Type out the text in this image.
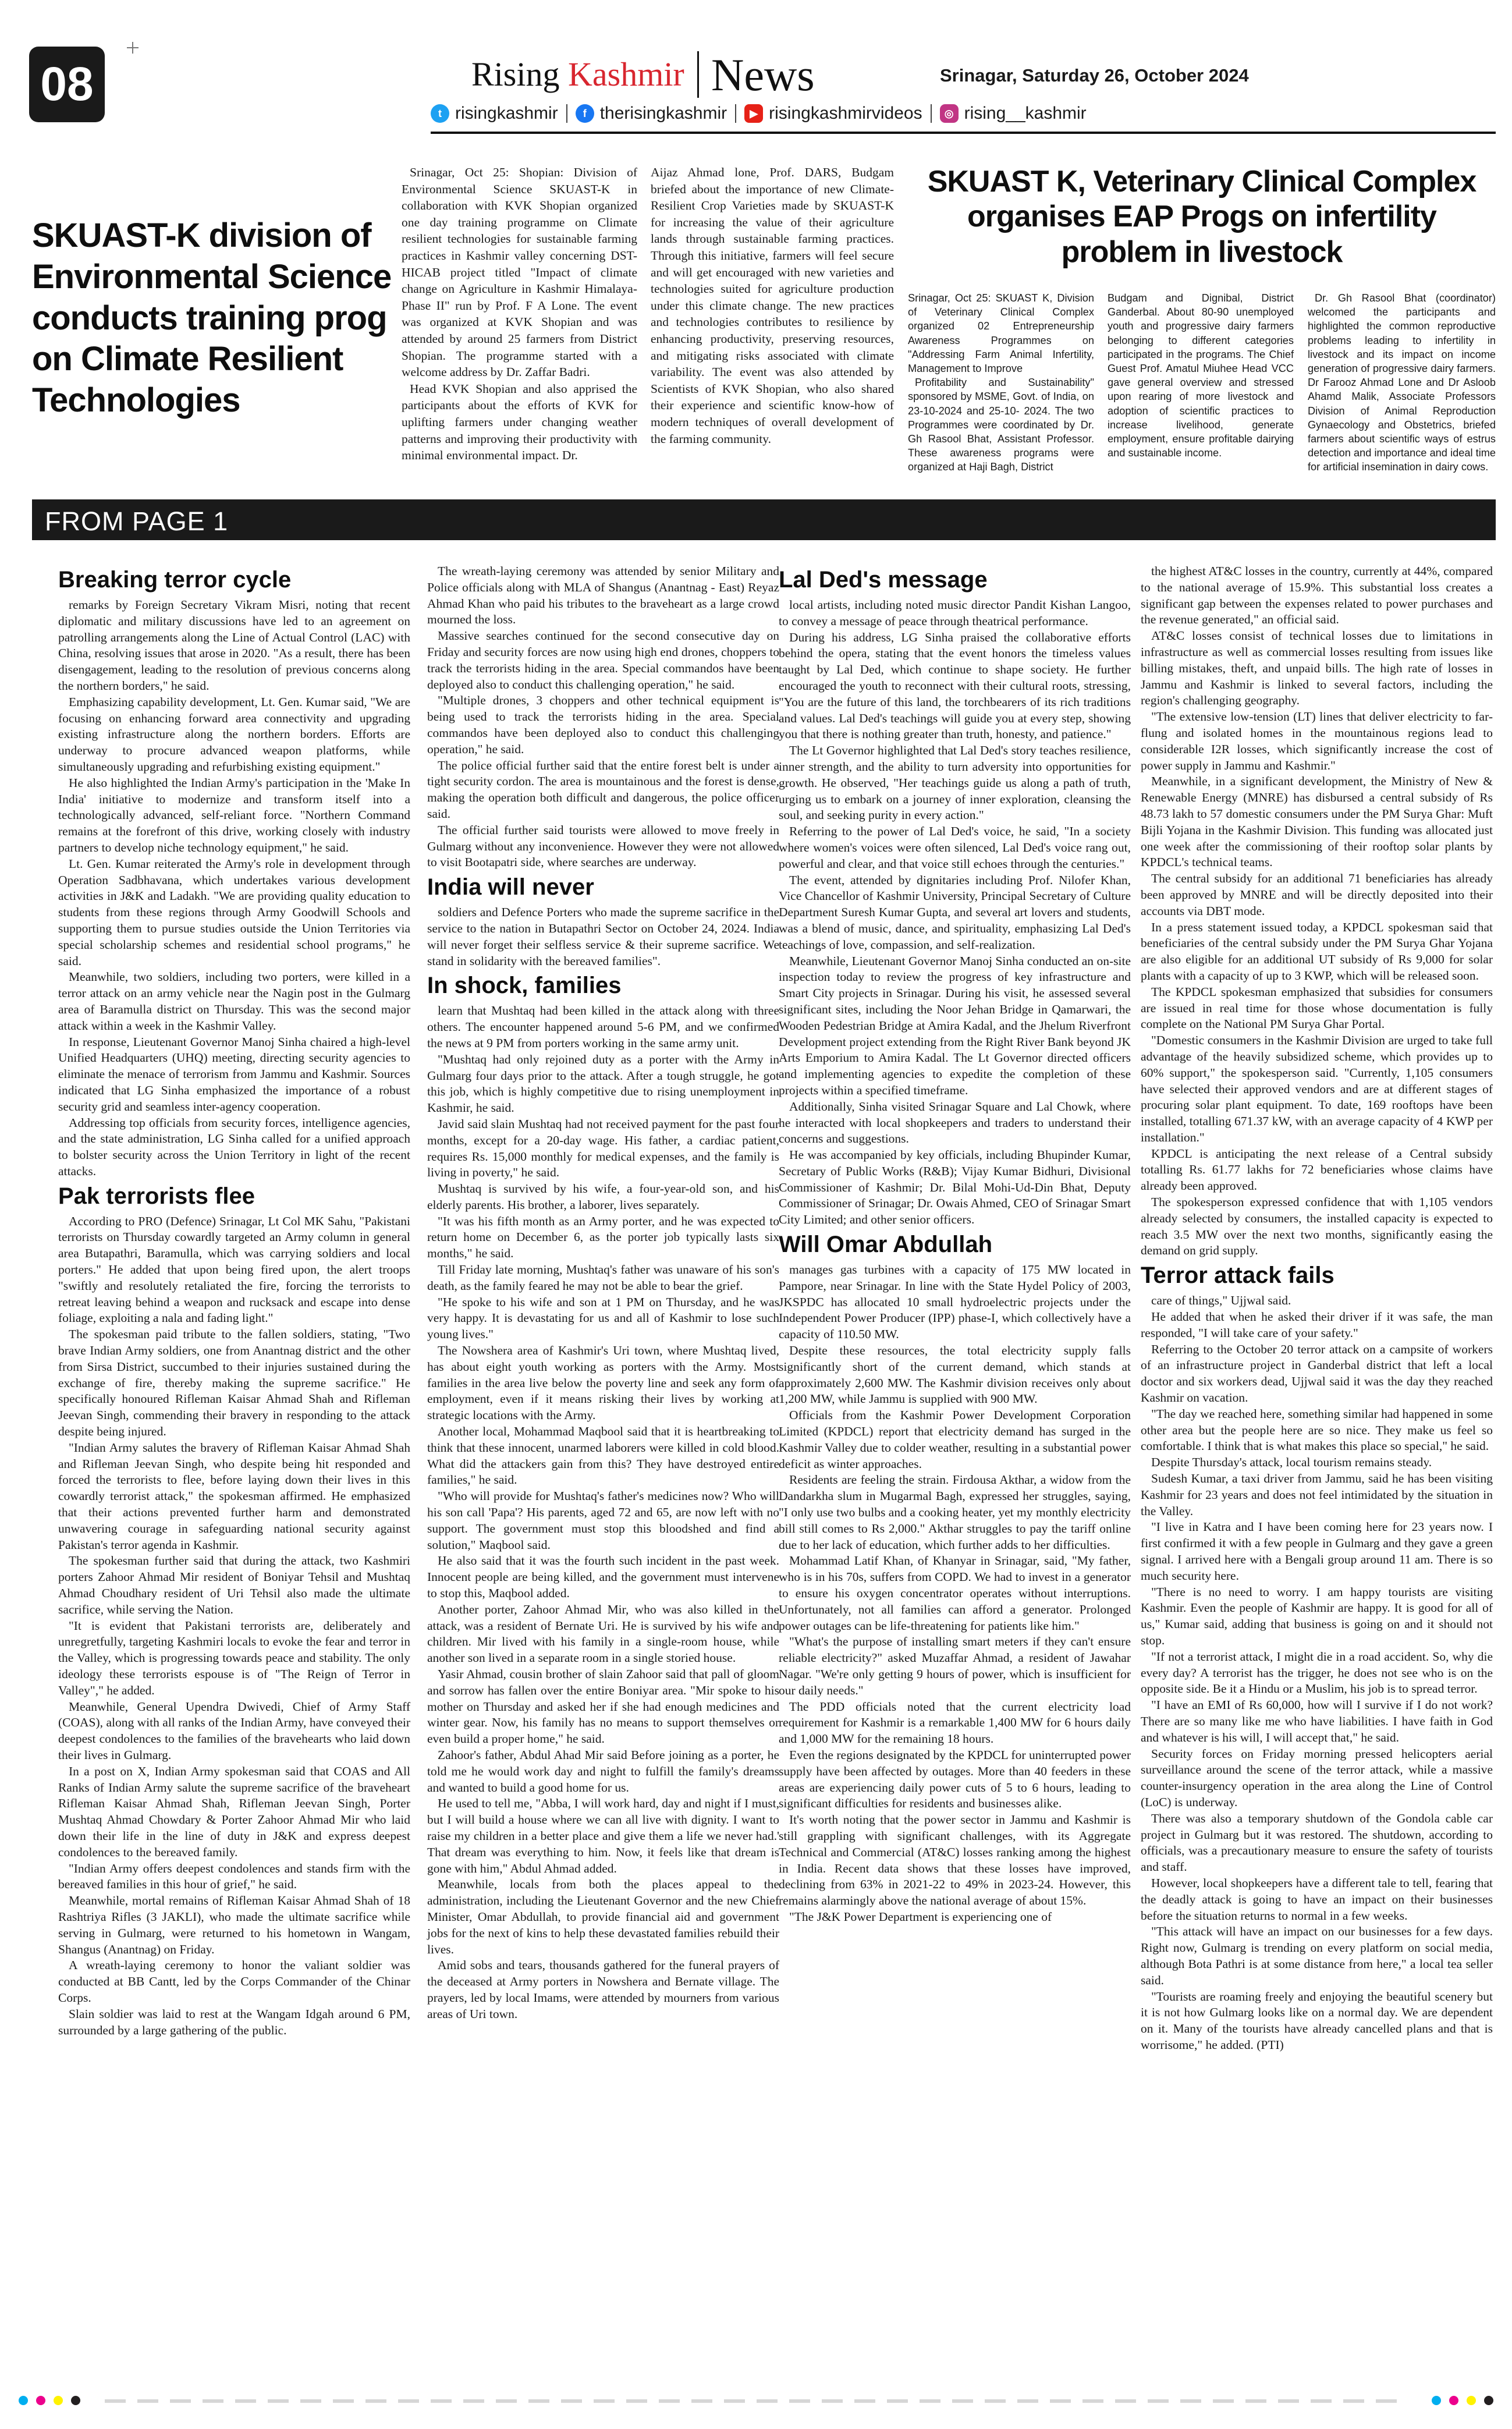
08	Rising Kashmir News	Srinagar, Saturday 26, October 2024
t risingkashmir	f therisingkashmir	▶ risingkashmirvideos	◎ rising__kashmir
SKUAST-K division of Environmental Science conducts training prog on Climate Resilient Technologies

Srinagar, Oct 25: Shopian: Division of Environmental Science SKUAST-K in collaboration with KVK Shopian organized one day training programme on Climate resilient technologies for sustainable farming practices in Kashmir valley concerning DST-HICAB project titled "Impact of climate change on Agriculture in Kashmir Himalaya-Phase II" run by Prof. F A Lone. The event was organized at KVK Shopian and was attended by around 25 farmers from District Shopian. The programme started with a welcome address by Dr. Zaffar Badri.

Head KVK Shopian and also apprised the participants about the efforts of KVK for uplifting farmers under changing weather patterns and improving their productivity with minimal environmental impact. Dr.

Aijaz Ahmad lone, Prof. DARS, Budgam briefed about the importance of new Climate-Resilient Crop Varieties made by SKUAST-K for increasing the value of their agriculture lands through sustainable farming practices. Through this initiative, farmers will feel secure and will get encouraged with new varieties and technologies suited for agriculture production under this climate change. The new practices and technologies contributes to resilience by enhancing productivity, preserving resources, and mitigating risks associated with climate variability. The event was also attended by Scientists of KVK Shopian, who also shared their experience and scientific know-how of modern techniques of overall development of the farming community.

SKUAST K, Veterinary Clinical Complex organises EAP Progs on infertility problem in livestock

Srinagar, Oct 25: SKUAST K, Division of Veterinary Clinical Complex organized 02 Entrepreneurship Awareness Programmes on "Addressing Farm Animal Infertility, Management to Improve

Profitability and Sustainability" sponsored by MSME, Govt. of India, on 23-10-2024 and 25-10- 2024. The two Programmes were coordinated by Dr. Gh Rasool Bhat, Assistant Professor. These awareness programs were organized at Haji Bagh, District

Budgam and Dignibal, District Ganderbal. About 80-90 unemployed youth and progressive dairy farmers belonging to different categories participated in the programs. The Chief Guest Prof. Amatul Miuhee Head VCC gave general overview and stressed upon rearing of more livestock and adoption of scientific practices to increase livelihood, generate employment, ensure profitable dairying and sustainable income.

Dr. Gh Rasool Bhat (coordinator) welcomed the participants and highlighted the common reproductive problems leading to infertility in livestock and its impact on income generation of progressive dairy farmers. Dr Farooz Ahmad Lone and Dr Asloob Ahamd Malik, Associate Professors Division of Animal Reproduction Gynaecology and Obstetrics, briefed farmers about scientific ways of estrus detection and importance and ideal time for artificial insemination in dairy cows.

FROM PAGE 1
Breaking terror cycle

remarks by Foreign Secretary Vikram Misri, noting that recent diplomatic and military discussions have led to an agreement on patrolling arrangements along the Line of Actual Control (LAC) with China, resolving issues that arose in 2020. "As a result, there has been disengagement, leading to the resolution of previous concerns along the northern borders," he said.

Emphasizing capability development, Lt. Gen. Kumar said, "We are focusing on enhancing forward area connectivity and upgrading existing infrastructure along the northern borders. Efforts are underway to procure advanced weapon platforms, while simultaneously upgrading and refurbishing existing equipment."

He also highlighted the Indian Army's participation in the 'Make In India' initiative to modernize and transform itself into a technologically advanced, self-reliant force. "Northern Command remains at the forefront of this drive, working closely with industry partners to develop niche technology equipment," he said.

Lt. Gen. Kumar reiterated the Army's role in development through Operation Sadbhavana, which undertakes various development activities in J&K and Ladakh. "We are providing quality education to students from these regions through Army Goodwill Schools and supporting them to pursue studies outside the Union Territories via special scholarship schemes and residential school programs," he said.

Meanwhile, two soldiers, including two porters, were killed in a terror attack on an army vehicle near the Nagin post in the Gulmarg area of Baramulla district on Thursday. This was the second major attack within a week in the Kashmir Valley.

In response, Lieutenant Governor Manoj Sinha chaired a high-level Unified Headquarters (UHQ) meeting, directing security agencies to eliminate the menace of terrorism from Jammu and Kashmir. Sources indicated that LG Sinha emphasized the importance of a robust security grid and seamless inter-agency cooperation.

Addressing top officials from security forces, intelligence agencies, and the state administration, LG Sinha called for a unified approach to bolster security across the Union Territory in light of the recent attacks.

Pak terrorists flee

According to PRO (Defence) Srinagar, Lt Col MK Sahu, "Pakistani terrorists on Thursday cowardly targeted an Army column in general area Butapathri, Baramulla, which was carrying soldiers and local porters." He added that upon being fired upon, the alert troops "swiftly and resolutely retaliated the fire, forcing the terrorists to retreat leaving behind a weapon and rucksack and escape into dense foliage, exploiting a nala and fading light."

The spokesman paid tribute to the fallen soldiers, stating, "Two brave Indian Army soldiers, one from Anantnag district and the other from Sirsa District, succumbed to their injuries sustained during the exchange of fire, thereby making the supreme sacrifice." He specifically honoured Rifleman Kaisar Ahmad Shah and Rifleman Jeevan Singh, commending their bravery in responding to the attack despite being injured.

"Indian Army salutes the bravery of Rifleman Kaisar Ahmad Shah and Rifleman Jeevan Singh, who despite being hit responded and forced the terrorists to flee, before laying down their lives in this cowardly terrorist attack," the spokesman affirmed. He emphasized that their actions prevented further harm and demonstrated unwavering courage in safeguarding national security against Pakistan's terror agenda in Kashmir.

The spokesman further said that during the attack, two Kashmiri porters Zahoor Ahmad Mir resident of Boniyar Tehsil and Mushtaq Ahmad Choudhary resident of Uri Tehsil also made the ultimate sacrifice, while serving the Nation.

"It is evident that Pakistani terrorists are, deliberately and unregretfully, targeting Kashmiri locals to evoke the fear and terror in the Valley, which is progressing towards peace and stability. The only ideology these terrorists espouse is of "The Reign of Terror in Valley"," he added.

Meanwhile, General Upendra Dwivedi, Chief of Army Staff (COAS), along with all ranks of the Indian Army, have conveyed their deepest condolences to the families of the bravehearts who laid down their lives in Gulmarg.

In a post on X, Indian Army spokesman said that COAS and All Ranks of Indian Army salute the supreme sacrifice of the braveheart Rifleman Kaisar Ahmad Shah, Rifleman Jeevan Singh, Porter Mushtaq Ahmad Chowdary & Porter Zahoor Ahmad Mir who laid down their life in the line of duty in J&K and express deepest condolences to the bereaved family.

"Indian Army offers deepest condolences and stands firm with the bereaved families in this hour of grief," he said.

Meanwhile, mortal remains of Rifleman Kaisar Ahmad Shah of 18 Rashtriya Rifles (3 JAKLI), who made the ultimate sacrifice while serving in Gulmarg, were returned to his hometown in Wangam, Shangus (Anantnag) on Friday.

A wreath-laying ceremony to honor the valiant soldier was conducted at BB Cantt, led by the Corps Commander of the Chinar Corps.

Slain soldier was laid to rest at the Wangam Idgah around 6 PM, surrounded by a large gathering of the public.

The wreath-laying ceremony was attended by senior Military and Police officials along with MLA of Shangus (Anantnag - East) Reyaz Ahmad Khan who paid his tributes to the braveheart as a large crowd mourned the loss.

Massive searches continued for the second consecutive day on Friday and security forces are now using high end drones, choppers to track the terrorists hiding in the area. Special commandos have been deployed also to conduct this challenging operation," he said.

"Multiple drones, 3 choppers and other technical equipment is being used to track the terrorists hiding in the area. Special commandos have been deployed also to conduct this challenging operation," he said.

The police official further said that the entire forest belt is under a tight security cordon. The area is mountainous and the forest is dense, making the operation both difficult and dangerous, the police officer said.

The official further said tourists were allowed to move freely in Gulmarg without any inconvenience. However they were not allowed to visit Bootapatri side, where searches are underway.

India will never

soldiers and Defence Porters who made the supreme sacrifice in the service to the nation in Butapathri Sector on October 24, 2024. India will never forget their selfless service & their supreme sacrifice. We stand in solidarity with the bereaved families".

In shock, families

learn that Mushtaq had been killed in the attack along with three others. The encounter happened around 5-6 PM, and we confirmed the news at 9 PM from porters working in the same army unit.

"Mushtaq had only rejoined duty as a porter with the Army in Gulmarg four days prior to the attack. After a tough struggle, he got this job, which is highly competitive due to rising unemployment in Kashmir, he said.

Javid said slain Mushtaq had not received payment for the past four months, except for a 20-day wage. His father, a cardiac patient, requires Rs. 15,000 monthly for medical expenses, and the family is living in poverty," he said.

Mushtaq is survived by his wife, a four-year-old son, and his elderly parents. His brother, a laborer, lives separately.

"It was his fifth month as an Army porter, and he was expected to return home on December 6, as the porter job typically lasts six months," he said.

Till Friday late morning, Mushtaq's father was unaware of his son's death, as the family feared he may not be able to bear the grief.

"He spoke to his wife and son at 1 PM on Thursday, and he was very happy. It is devastating for us and all of Kashmir to lose such young lives."

The Nowshera area of Kashmir's Uri town, where Mushtaq lived, has about eight youth working as porters with the Army. Most families in the area live below the poverty line and seek any form of employment, even if it means risking their lives by working at strategic locations with the Army.

Another local, Mohammad Maqbool said that it is heartbreaking to think that these innocent, unarmed laborers were killed in cold blood. What did the attackers gain from this? They have destroyed entire families," he said.

"Who will provide for Mushtaq's father's medicines now? Who will his son call 'Papa'? His parents, aged 72 and 65, are now left with no support. The government must stop this bloodshed and find a solution," Maqbool said.

He also said that it was the fourth such incident in the past week. Innocent people are being killed, and the government must intervene to stop this, Maqbool added.

Another porter, Zahoor Ahmad Mir, who was also killed in the attack, was a resident of Bernate Uri. He is survived by his wife and children. Mir lived with his family in a single-room house, while another son lived in a separate room in a single storied house.

Yasir Ahmad, cousin brother of slain Zahoor said that pall of gloom and sorrow has fallen over the entire Boniyar area. "Mir spoke to his mother on Thursday and asked her if she had enough medicines and winter gear. Now, his family has no means to support themselves or even build a proper home," he said.

Zahoor's father, Abdul Ahad Mir said Before joining as a porter, he told me he would work day and night to fulfill the family's dreams and wanted to build a good home for us.

He used to tell me, "Abba, I will work hard, day and night if I must, but I will build a house where we can all live with dignity. I want to raise my children in a better place and give them a life we never had.' That dream was everything to him. Now, it feels like that dream is gone with him," Abdul Ahmad added.

Meanwhile, locals from both the places appeal to the administration, including the Lieutenant Governor and the new Chief Minister, Omar Abdullah, to provide financial aid and government jobs for the next of kins to help these devastated families rebuild their lives.

Amid sobs and tears, thousands gathered for the funeral prayers of the deceased at Army porters in Nowshera and Bernate village. The prayers, led by local Imams, were attended by mourners from various areas of Uri town.

Lal Ded's message

local artists, including noted music director Pandit Kishan Langoo, to convey a message of peace through theatrical performance.

During his address, LG Sinha praised the collaborative efforts behind the opera, stating that the event honors the timeless values taught by Lal Ded, which continue to shape society. He further encouraged the youth to reconnect with their cultural roots, stressing, "You are the future of this land, the torchbearers of its rich traditions and values. Lal Ded's teachings will guide you at every step, showing you that there is nothing greater than truth, honesty, and patience."

The Lt Governor highlighted that Lal Ded's story teaches resilience, inner strength, and the ability to turn adversity into opportunities for growth. He observed, "Her teachings guide us along a path of truth, urging us to embark on a journey of inner exploration, cleansing the soul, and seeking purity in every action."

Referring to the power of Lal Ded's voice, he said, "In a society where women's voices were often silenced, Lal Ded's voice rang out, powerful and clear, and that voice still echoes through the centuries."

The event, attended by dignitaries including Prof. Nilofer Khan, Vice Chancellor of Kashmir University, Principal Secretary of Culture Department Suresh Kumar Gupta, and several art lovers and students, was a blend of music, dance, and spirituality, emphasizing Lal Ded's teachings of love, compassion, and self-realization.

Meanwhile, Lieutenant Governor Manoj Sinha conducted an on-site inspection today to review the progress of key infrastructure and Smart City projects in Srinagar. During his visit, he assessed several significant sites, including the Noor Jehan Bridge in Qamarwari, the Wooden Pedestrian Bridge at Amira Kadal, and the Jhelum Riverfront Development project extending from the Right River Bank beyond JK Arts Emporium to Amira Kadal. The Lt Governor directed officers and implementing agencies to expedite the completion of these projects within a specified timeframe.

Additionally, Sinha visited Srinagar Square and Lal Chowk, where he interacted with local shopkeepers and traders to understand their concerns and suggestions.

He was accompanied by key officials, including Bhupinder Kumar, Secretary of Public Works (R&B); Vijay Kumar Bidhuri, Divisional Commissioner of Kashmir; Dr. Bilal Mohi-Ud-Din Bhat, Deputy Commissioner of Srinagar; Dr. Owais Ahmed, CEO of Srinagar Smart City Limited; and other senior officers.

Will Omar Abdullah

manages gas turbines with a capacity of 175 MW located in Pampore, near Srinagar. In line with the State Hydel Policy of 2003, JKSPDC has allocated 10 small hydroelectric projects under the Independent Power Producer (IPP) phase-I, which collectively have a capacity of 110.50 MW.

Despite these resources, the total electricity supply falls significantly short of the current demand, which stands at approximately 2,600 MW. The Kashmir division receives only about 1,200 MW, while Jammu is supplied with 900 MW.

Officials from the Kashmir Power Development Corporation Limited (KPDCL) report that electricity demand has surged in the Kashmir Valley due to colder weather, resulting in a substantial power deficit as winter approaches.

Residents are feeling the strain. Firdousa Akthar, a widow from the Dandarkha slum in Mugarmal Bagh, expressed her struggles, saying, "I only use two bulbs and a cooking heater, yet my monthly electricity bill still comes to Rs 2,000." Akthar struggles to pay the tariff online due to her lack of education, which further adds to her difficulties.

Mohammad Latif Khan, of Khanyar in Srinagar, said, "My father, who is in his 70s, suffers from COPD. We had to invest in a generator to ensure his oxygen concentrator operates without interruptions. Unfortunately, not all families can afford a generator. Prolonged power outages can be life-threatening for patients like him."

"What's the purpose of installing smart meters if they can't ensure reliable electricity?" asked Muzaffar Ahmad, a resident of Jawahar Nagar. "We're only getting 9 hours of power, which is insufficient for our daily needs."

The PDD officials noted that the current electricity load requirement for Kashmir is a remarkable 1,400 MW for 6 hours daily and 1,000 MW for the remaining 18 hours.

Even the regions designated by the KPDCL for uninterrupted power supply have been affected by outages. More than 40 feeders in these areas are experiencing daily power cuts of 5 to 6 hours, leading to significant difficulties for residents and businesses alike.

It's worth noting that the power sector in Jammu and Kashmir is still grappling with significant challenges, with its Aggregate Technical and Commercial (AT&C) losses ranking among the highest in India. Recent data shows that these losses have improved, declining from 63% in 2021-22 to 49% in 2023-24. However, this remains alarmingly above the national average of about 15%.

"The J&K Power Department is experiencing one of

the highest AT&C losses in the country, currently at 44%, compared to the national average of 15.9%. This substantial loss creates a significant gap between the expenses related to power purchases and the revenue generated," an official said.

AT&C losses consist of technical losses due to limitations in infrastructure as well as commercial losses resulting from issues like billing mistakes, theft, and unpaid bills. The high rate of losses in Jammu and Kashmir is linked to several factors, including the region's challenging geography.

"The extensive low-tension (LT) lines that deliver electricity to far-flung and isolated homes in the mountainous regions lead to considerable I2R losses, which significantly increase the cost of power supply in Jammu and Kashmir."

Meanwhile, in a significant development, the Ministry of New & Renewable Energy (MNRE) has disbursed a central subsidy of Rs 48.73 lakh to 57 domestic consumers under the PM Surya Ghar: Muft Bijli Yojana in the Kashmir Division. This funding was allocated just one week after the commissioning of their rooftop solar plants by KPDCL's technical teams.

The central subsidy for an additional 71 beneficiaries has already been approved by MNRE and will be directly deposited into their accounts via DBT mode.

In a press statement issued today, a KPDCL spokesman said that beneficiaries of the central subsidy under the PM Surya Ghar Yojana are also eligible for an additional UT subsidy of Rs 9,000 for solar plants with a capacity of up to 3 KWP, which will be released soon.

The KPDCL spokesman emphasized that subsidies for consumers are issued in real time for those whose documentation is fully complete on the National PM Surya Ghar Portal.

"Domestic consumers in the Kashmir Division are urged to take full advantage of the heavily subsidized scheme, which provides up to 60% support," the spokesperson said. "Currently, 1,105 consumers have selected their approved vendors and are at different stages of procuring solar plant equipment. To date, 169 rooftops have been installed, totalling 671.37 kW, with an average capacity of 4 KWP per installation."

KPDCL is anticipating the next release of a Central subsidy totalling Rs. 61.77 lakhs for 72 beneficiaries whose claims have already been approved.

The spokesperson expressed confidence that with 1,105 vendors already selected by consumers, the installed capacity is expected to reach 3.5 MW over the next two months, significantly easing the demand on grid supply.

Terror attack fails

care of things," Ujjwal said.

He added that when he asked their driver if it was safe, the man responded, "I will take care of your safety."

Referring to the October 20 terror attack on a campsite of workers of an infrastructure project in Ganderbal district that left a local doctor and six workers dead, Ujjwal said it was the day they reached Kashmir on vacation.

"The day we reached here, something similar had happened in some other area but the people here are so nice. They make us feel so comfortable. I think that is what makes this place so special," he said.

Despite Thursday's attack, local tourism remains steady.

Sudesh Kumar, a taxi driver from Jammu, said he has been visiting Kashmir for 23 years and does not feel intimidated by the situation in the Valley.

"I live in Katra and I have been coming here for 23 years now. I first confirmed it with a few people in Gulmarg and they gave a green signal. I arrived here with a Bengali group around 11 am. There is so much security here.

"There is no need to worry. I am happy tourists are visiting Kashmir. Even the people of Kashmir are happy. It is good for all of us," Kumar said, adding that business is going on and it should not stop.

"If not a terrorist attack, I might die in a road accident. So, why die every day? A terrorist has the trigger, he does not see who is on the opposite side. Be it a Hindu or a Muslim, his job is to spread terror.

"I have an EMI of Rs 60,000, how will I survive if I do not work? There are so many like me who have liabilities. I have faith in God and whatever is his will, I will accept that," he said.

Security forces on Friday morning pressed helicopters aerial surveillance around the scene of the terror attack, while a massive counter-insurgency operation in the area along the Line of Control (LoC) is underway.

There was also a temporary shutdown of the Gondola cable car project in Gulmarg but it was restored. The shutdown, according to officials, was a precautionary measure to ensure the safety of tourists and staff.

However, local shopkeepers have a different tale to tell, fearing that the deadly attack is going to have an impact on their businesses before the situation returns to normal in a few weeks.

"This attack will have an impact on our businesses for a few days. Right now, Gulmarg is trending on every platform on social media, although Bota Pathri is at some distance from here," a local tea seller said.

"Tourists are roaming freely and enjoying the beautiful scenery but it is not how Gulmarg looks like on a normal day. We are dependent on it. Many of the tourists have already cancelled plans and that is worrisome," he added. (PTI)
